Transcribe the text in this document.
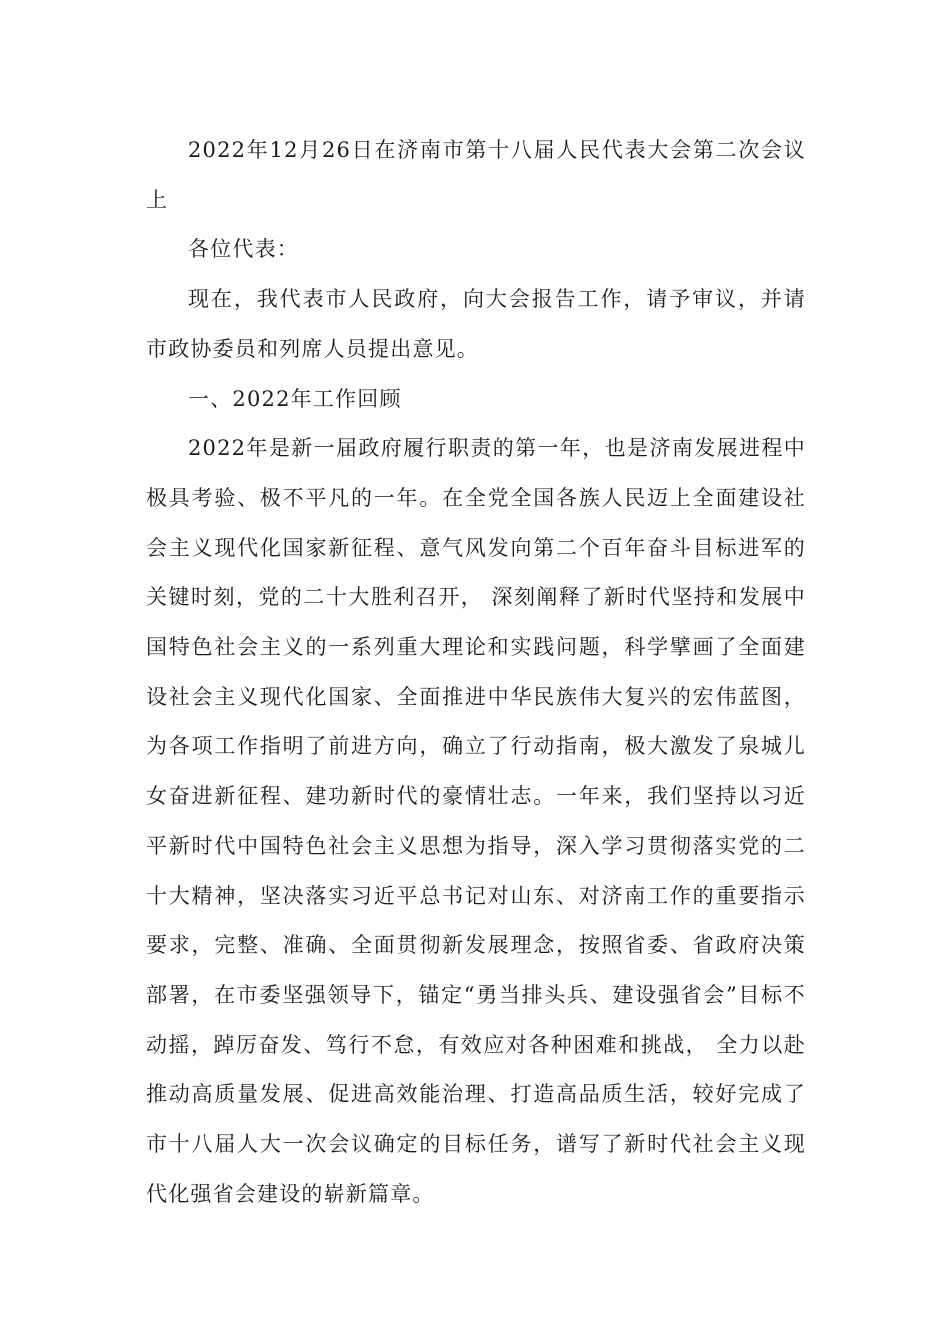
2022年12月26日在济南市第十八届人民代表大会第二次会议上

各位代表：

现在，我代表市人民政府，向大会报告工作，请予审议，并请市政协委员和列席人员提出意见。

一、2022年工作回顾

2022年是新一届政府履行职责的第一年，也是济南发展进程中极具考验、极不平凡的一年。在全党全国各族人民迈上全面建设社会主义现代化国家新征程、意气风发向第二个百年奋斗目标进军的关键时刻，党的二十大胜利召开， 深刻阐释了新时代坚持和发展中国特色社会主义的一系列重大理论和实践问题，科学擘画了全面建设社会主义现代化国家、全面推进中华民族伟大复兴的宏伟蓝图，为各项工作指明了前进方向，确立了行动指南，极大激发了泉城儿女奋进新征程、建功新时代的豪情壮志。一年来，我们坚持以习近平新时代中国特色社会主义思想为指导，深入学习贯彻落实党的二十大精神，坚决落实习近平总书记对山东、对济南工作的重要指示要求，完整、准确、全面贯彻新发展理念，按照省委、省政府决策部署，在市委坚强领导下，锚定“勇当排头兵、建设强省会”目标不动摇，踔厉奋发、笃行不怠，有效应对各种困难和挑战， 全力以赴推动高质量发展、促进高效能治理、打造高品质生活，较好完成了市十八届人大一次会议确定的目标任务，谱写了新时代社会主义现代化强省会建设的崭新篇章。
